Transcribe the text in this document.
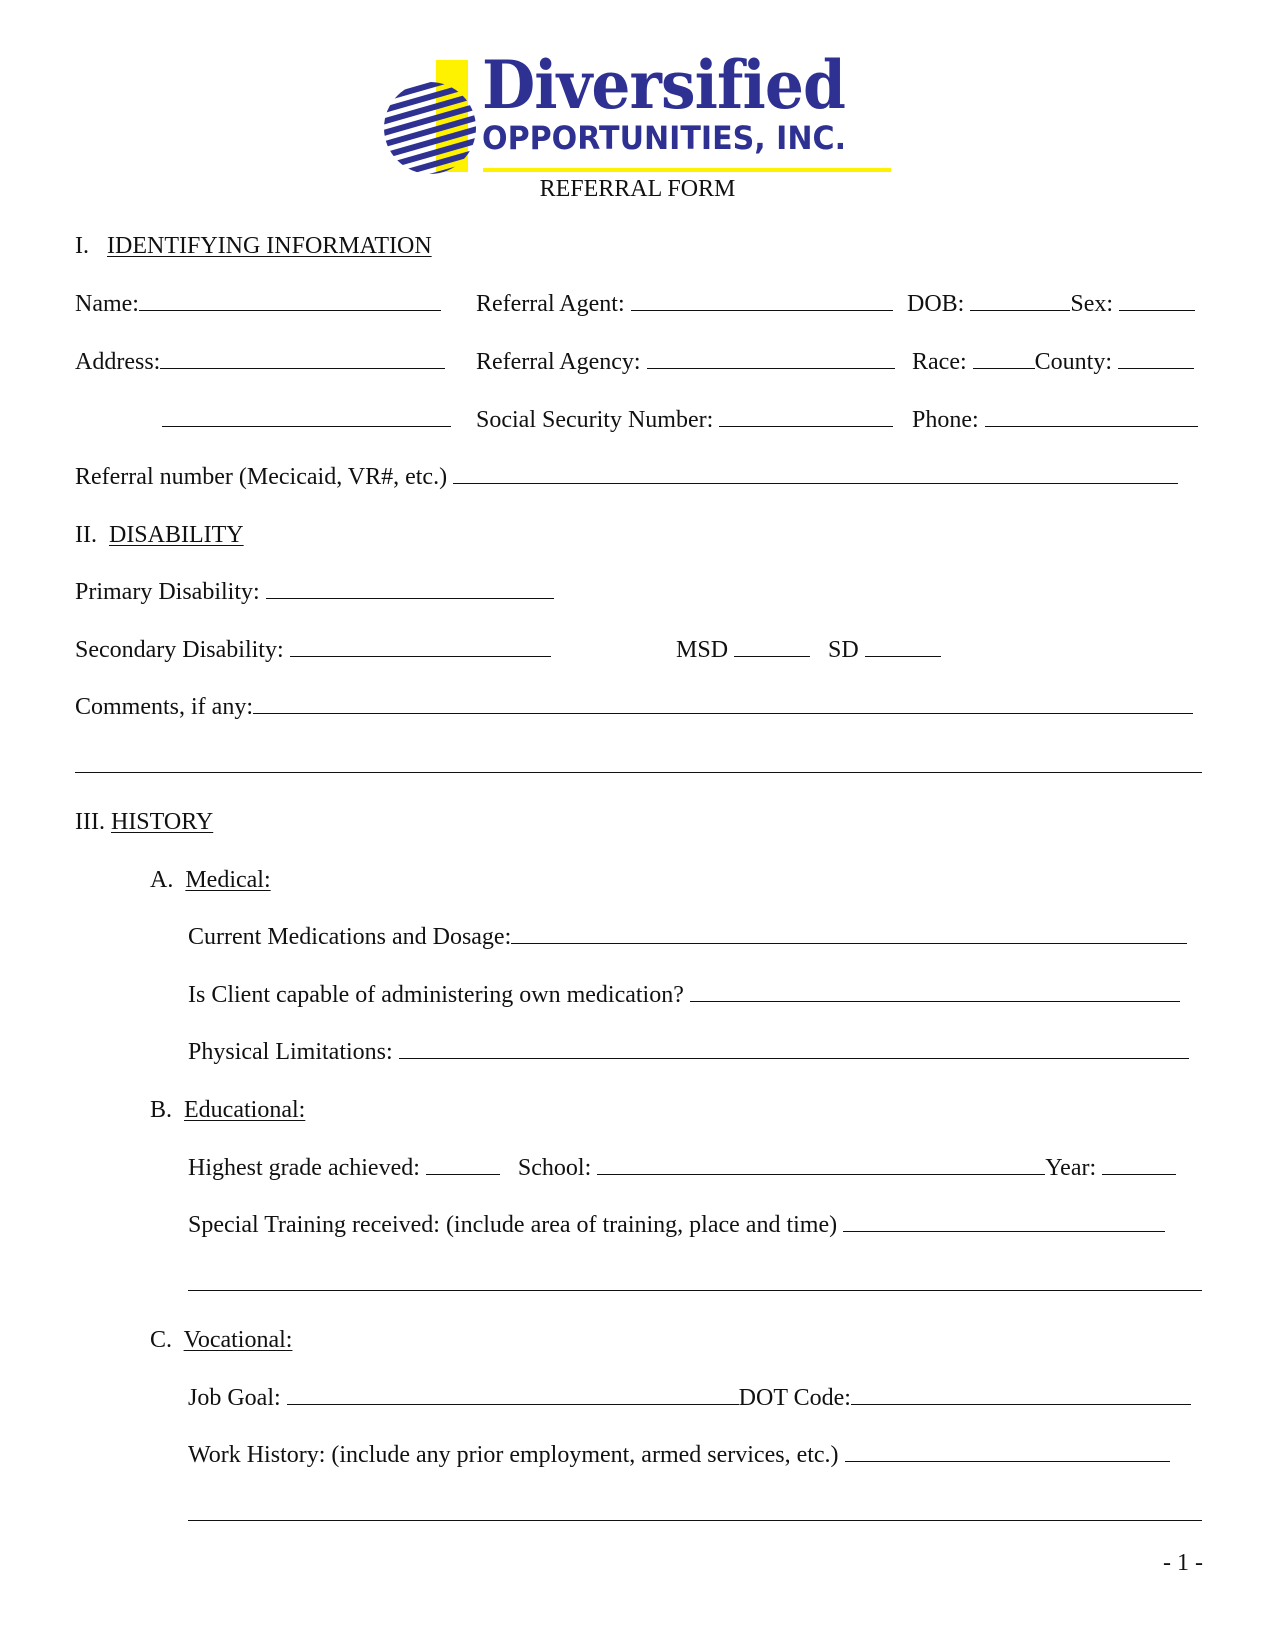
Diversified
OPPORTUNITIES, INC.
REFERRAL FORM
I. IDENTIFYING INFORMATION
Name:	Referral Agent:	DOB:	Sex:
Address:	Referral Agency:	Race:	County:
Social Security Number:	Phone:
Referral number (Mecicaid, VR#, etc.)
II. DISABILITY
Primary Disability:
Secondary Disability:	MSD	SD
Comments, if any:
III. HISTORY
A. Medical:
Current Medications and Dosage:
Is Client capable of administering own medication?
Physical Limitations:
B. Educational:
Highest grade achieved:	School:	Year:
Special Training received: (include area of training, place and time)
C. Vocational:
Job Goal:	DOT Code:
Work History: (include any prior employment, armed services, etc.)
- 1 -
